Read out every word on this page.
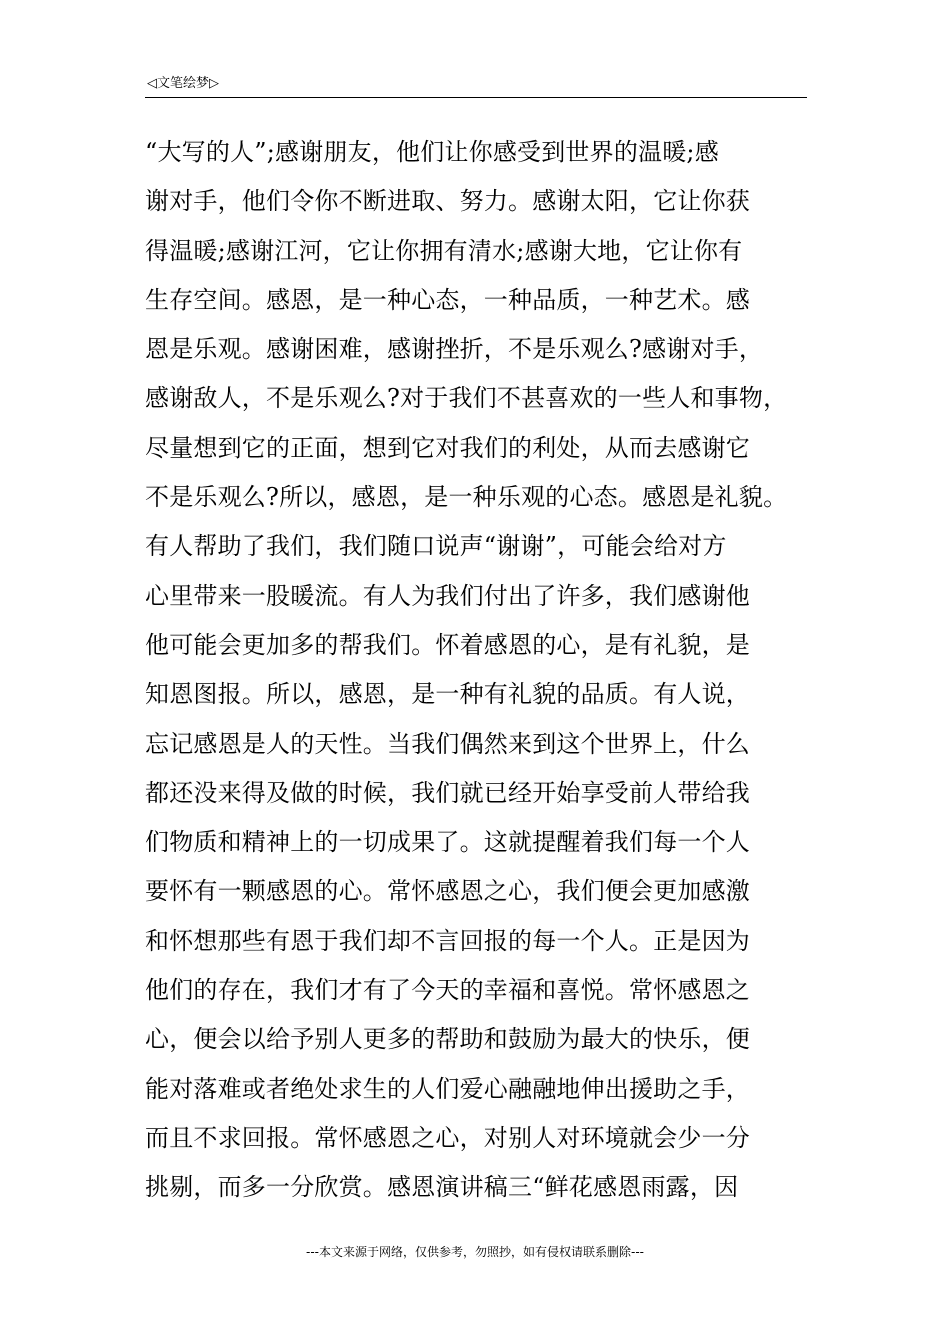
◁文笔绘梦▷
“大写的人”;感谢朋友，他们让你感受到世界的温暖;感
谢对手，他们令你不断进取、努力。感谢太阳，它让你获
得温暖;感谢江河，它让你拥有清水;感谢大地，它让你有
生存空间。感恩，是一种心态，一种品质，一种艺术。感
恩是乐观。感谢困难，感谢挫折，不是乐观么?感谢对手，
感谢敌人，不是乐观么?对于我们不甚喜欢的一些人和事物，
尽量想到它的正面，想到它对我们的利处，从而去感谢它
不是乐观么?所以，感恩，是一种乐观的心态。感恩是礼貌。
有人帮助了我们，我们随口说声“谢谢”，可能会给对方
心里带来一股暖流。有人为我们付出了许多，我们感谢他
他可能会更加多的帮我们。怀着感恩的心，是有礼貌，是
知恩图报。所以，感恩，是一种有礼貌的品质。有人说，
忘记感恩是人的天性。当我们偶然来到这个世界上，什么
都还没来得及做的时候，我们就已经开始享受前人带给我
们物质和精神上的一切成果了。这就提醒着我们每一个人
要怀有一颗感恩的心。常怀感恩之心，我们便会更加感激
和怀想那些有恩于我们却不言回报的每一个人。正是因为
他们的存在，我们才有了今天的幸福和喜悦。常怀感恩之
心，便会以给予别人更多的帮助和鼓励为最大的快乐，便
能对落难或者绝处求生的人们爱心融融地伸出援助之手，
而且不求回报。常怀感恩之心，对别人对环境就会少一分
挑剔，而多一分欣赏。感恩演讲稿三“鲜花感恩雨露，因
---本文来源于网络，仅供参考，勿照抄，如有侵权请联系删除---
